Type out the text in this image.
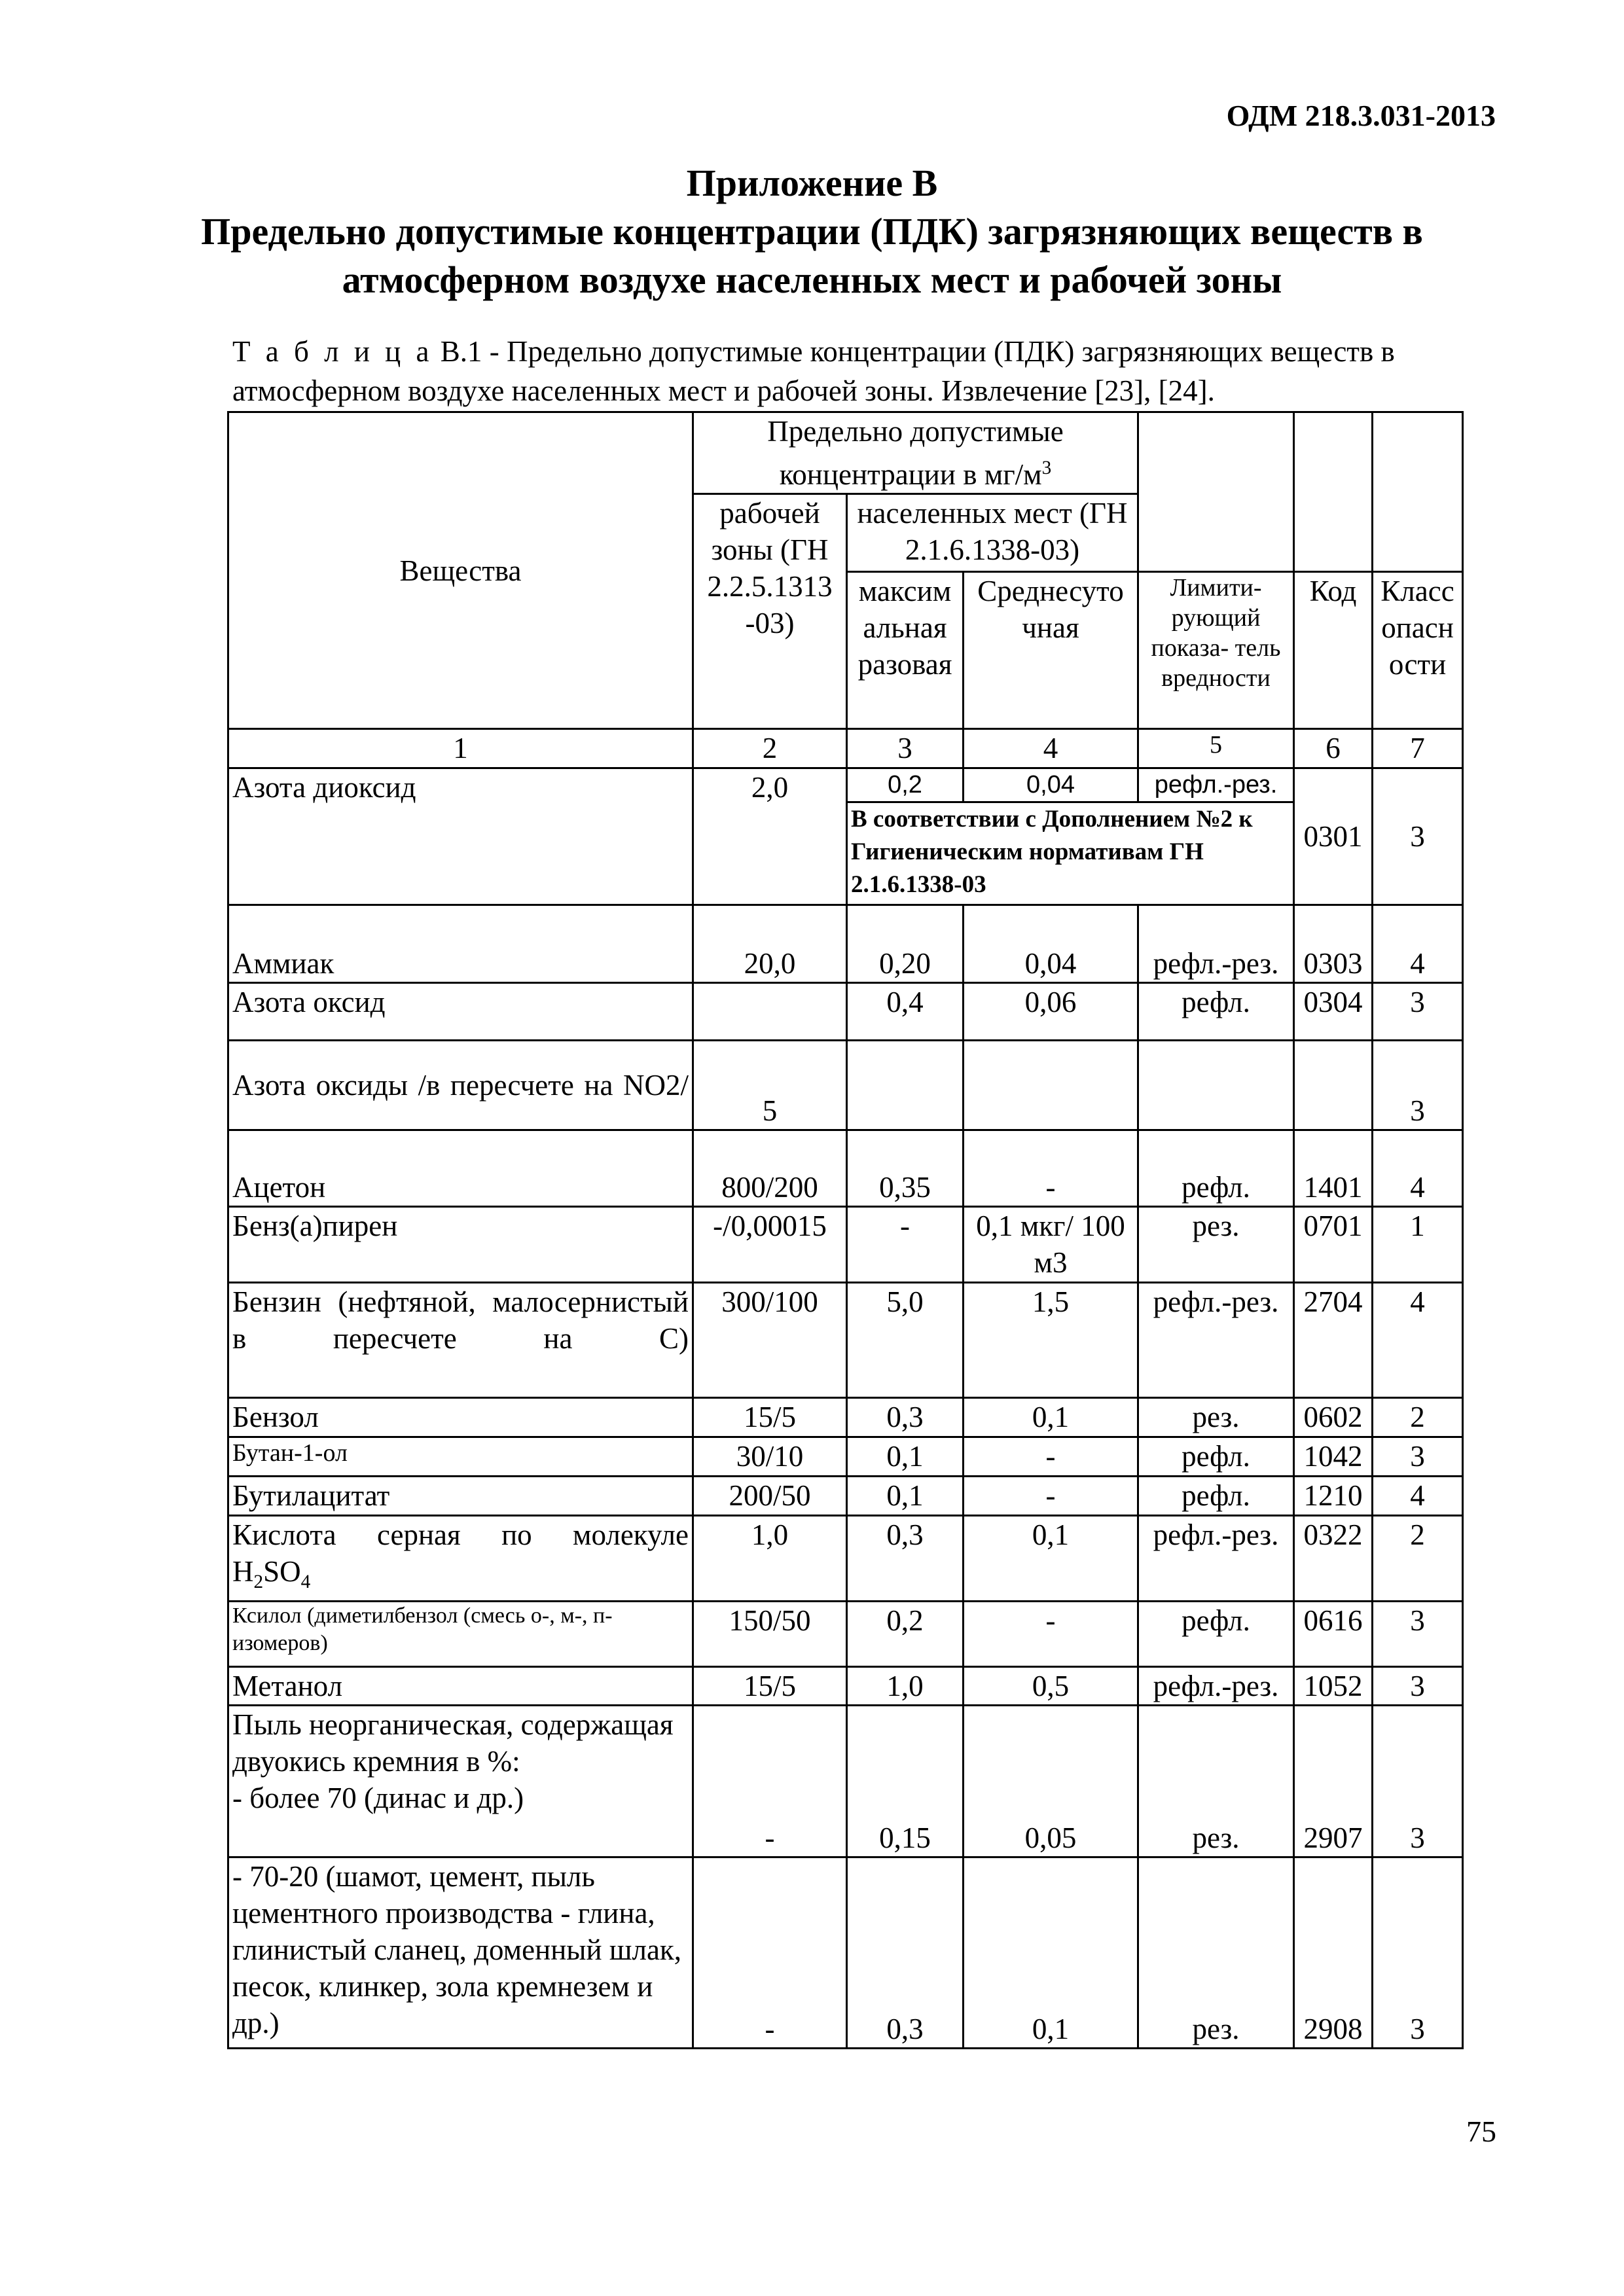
ОДМ 218.3.031-2013
Приложение В
Предельно допустимые концентрации (ПДК) загрязняющих веществ в
атмосферном воздухе населенных мест и рабочей зоны
Т а б л и ц а В.1 - Предельно допустимые концентрации (ПДК) загрязняющих веществ в атмосферном воздухе населенных мест и рабочей зоны. Извлечение [23], [24].
Вещества	Предельно допустимые концентрации в $мг/м^3$			
	рабочей зоны (ГН 2.2.5.1313 -03)	населенных мест (ГН 2.1.6.1338-03)				
		максим альная разовая	Среднесуто чная	Лимити- рующий показа- тель вредности	Код	Класс опасн ости
1	2	3	4	5	6	7
Азота диоксид	2,0	0,2	0,04	рефл.-рез.	0301	3
		В соответствии с Дополнением №2 к Гигиеническим нормативам ГН 2.1.6.1338-03				
Аммиак	20,0	0,20	0,04	рефл.-рез.	0303	4
Азота оксид		0,4	0,06	рефл.	0304	3
Азота оксиды /в пересчете на NO2/	5					3
Ацетон	800/200	0,35	-	рефл.	1401	4
Бенз(а)пирен	-/0,00015	-	0,1 мкг/ 100 м3	рез.	0701	1
Бензин (нефтяной, малосернистый в пересчете на С)	300/100	5,0	1,5	рефл.-рез.	2704	4
Бензол	15/5	0,3	0,1	рез.	0602	2
Бутан-1-ол	30/10	0,1	-	рефл.	1042	3
Бутилацитат	200/50	0,1	-	рефл.	1210	4

Кислота серная по молекуле
$H_2SO_4$	1,0	0,3	0,1	рефл.-рез.	0322	2
Ксилол (диметилбензол (смесь о-, м-, п- изомеров)	150/50	0,2	-	рефл.	0616	3
Метанол	15/5	1,0	0,5	рефл.-рез.	1052	3

Пыль неорганическая, содержащая двуокись кремния в %:
- более 70 (динас и др.)	-	0,15	0,05	рез.	2907	3
- 70-20 (шамот, цемент, пыль цементного производства - глина, глинистый сланец, доменный шлак, песок, клинкер, зола кремнезем и др.)	-	0,3	0,1	рез.	2908	3
75
